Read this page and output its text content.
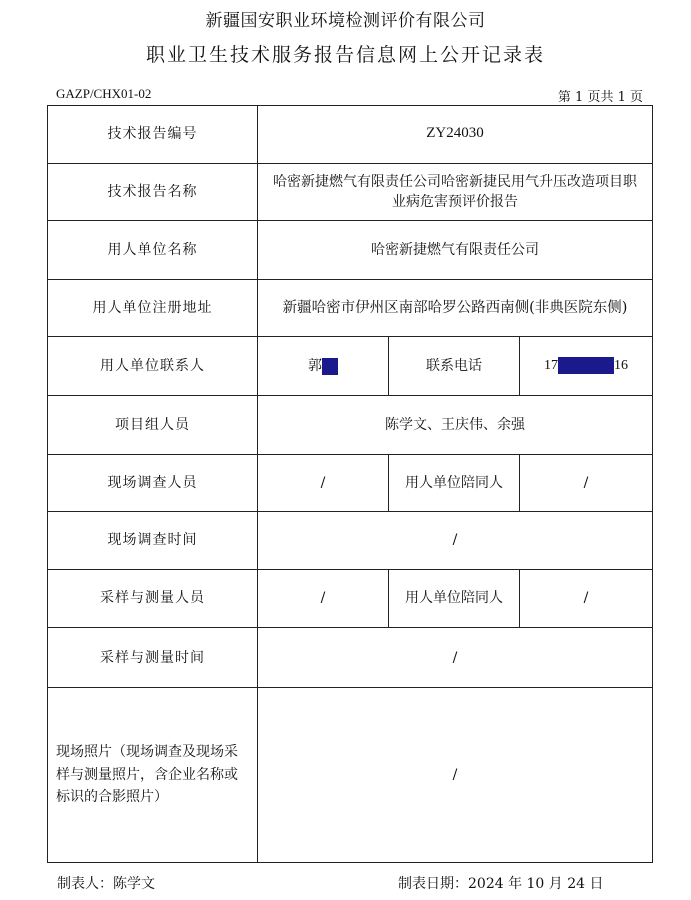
新疆国安职业环境检测评价有限公司
职业卫生技术服务报告信息网上公开记录表
GAZP/CHX01-02	第 1 页共 1 页
技术报告编号	ZY24030		
技术报告名称	哈密新捷燃气有限责任公司哈密新捷民用气升压改造项目职业病危害预评价报告		
用人单位名称	哈密新捷燃气有限责任公司		
用人单位注册地址	新疆哈密市伊州区南部哈罗公路西南侧(非典医院东侧)		
用人单位联系人	郭	联系电话	17 16
项目组人员	陈学文、王庆伟、余强		
现场调查人员	/	用人单位陪同人	/
现场调查时间	/		
采样与测量人员	/	用人单位陪同人	/
采样与测量时间	/		
现场照片（现场调查及现场采样与测量照片，含企业名称或标识的合影照片）	/		
制表人：陈学文	制表日期：2024 年 10 月 24 日
